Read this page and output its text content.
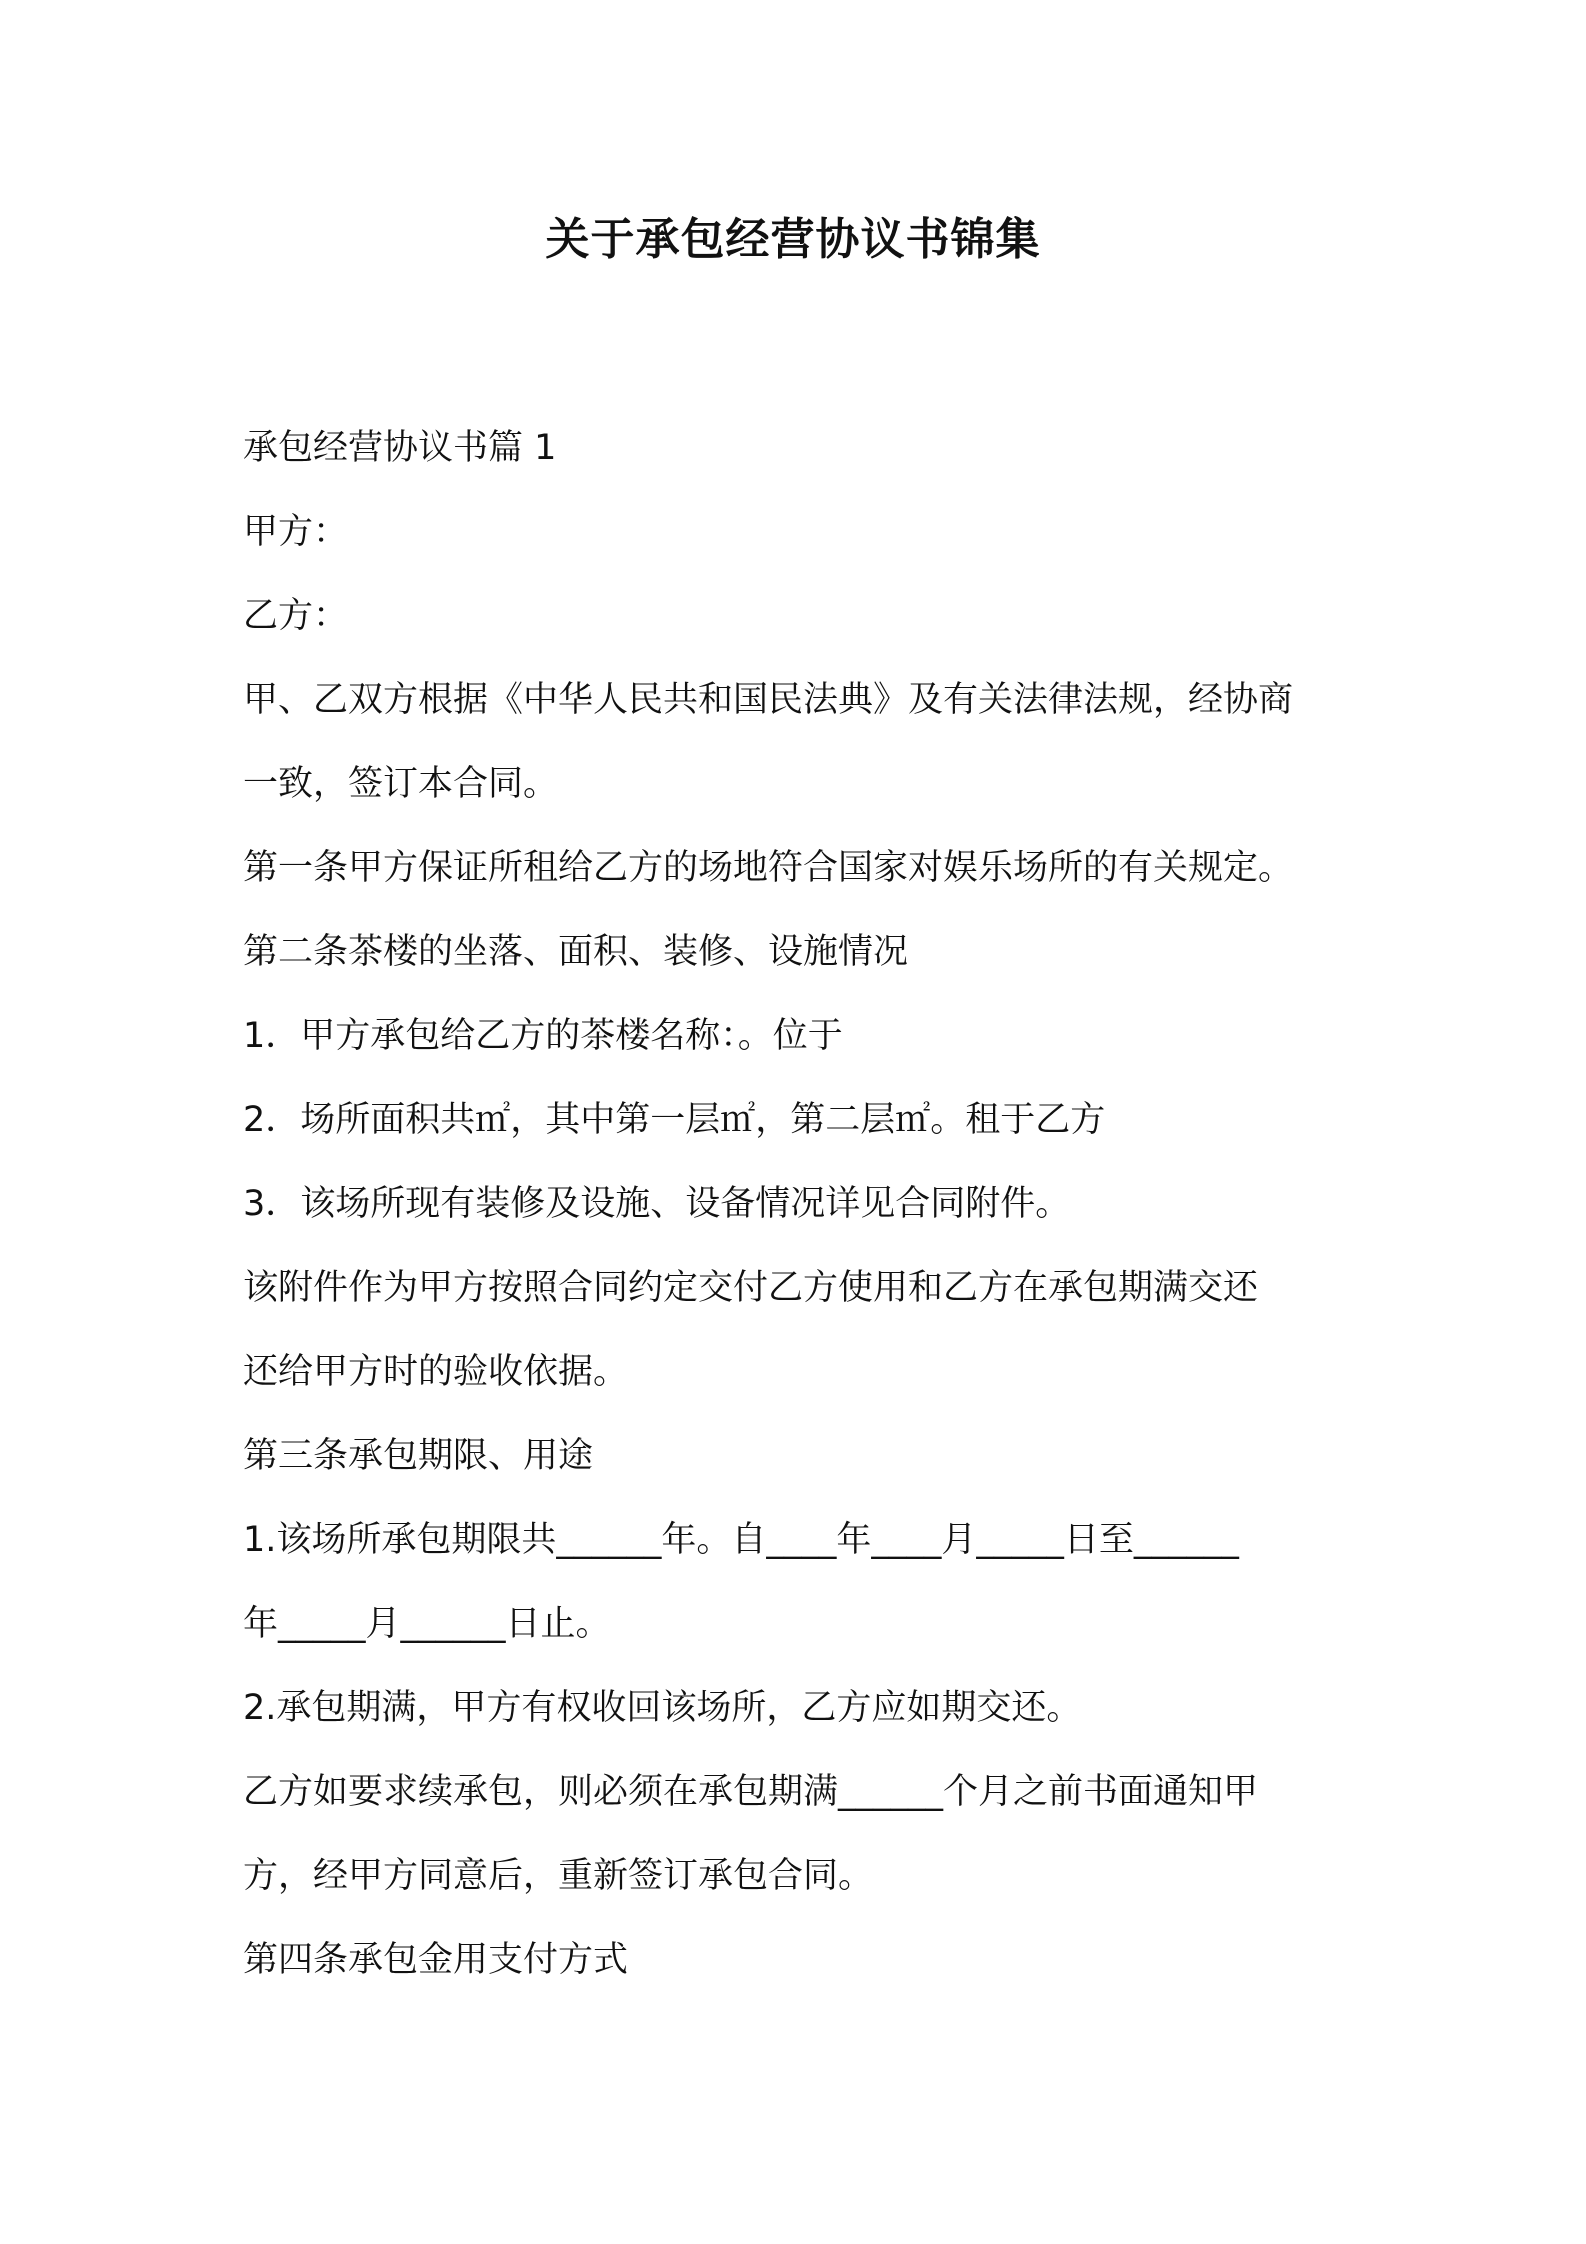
关于承包经营协议书锦集
承包经营协议书篇 1
甲方：
乙方：
甲、乙双方根据《中华人民共和国民法典》及有关法律法规，经协商
一致，签订本合同。
第一条甲方保证所租给乙方的场地符合国家对娱乐场所的有关规定。
第二条茶楼的坐落、面积、装修、设施情况
1．甲方承包给乙方的茶楼名称：。位于
2．场所面积共㎡，其中第一层㎡，第二层㎡。租于乙方
3．该场所现有装修及设施、设备情况详见合同附件。
该附件作为甲方按照合同约定交付乙方使用和乙方在承包期满交还
还给甲方时的验收依据。
第三条承包期限、用途
1.该场所承包期限共______年。自____年____月_____日至______
年_____月______日止。
2.承包期满，甲方有权收回该场所，乙方应如期交还。
乙方如要求续承包，则必须在承包期满______个月之前书面通知甲
方，经甲方同意后，重新签订承包合同。
第四条承包金用支付方式
